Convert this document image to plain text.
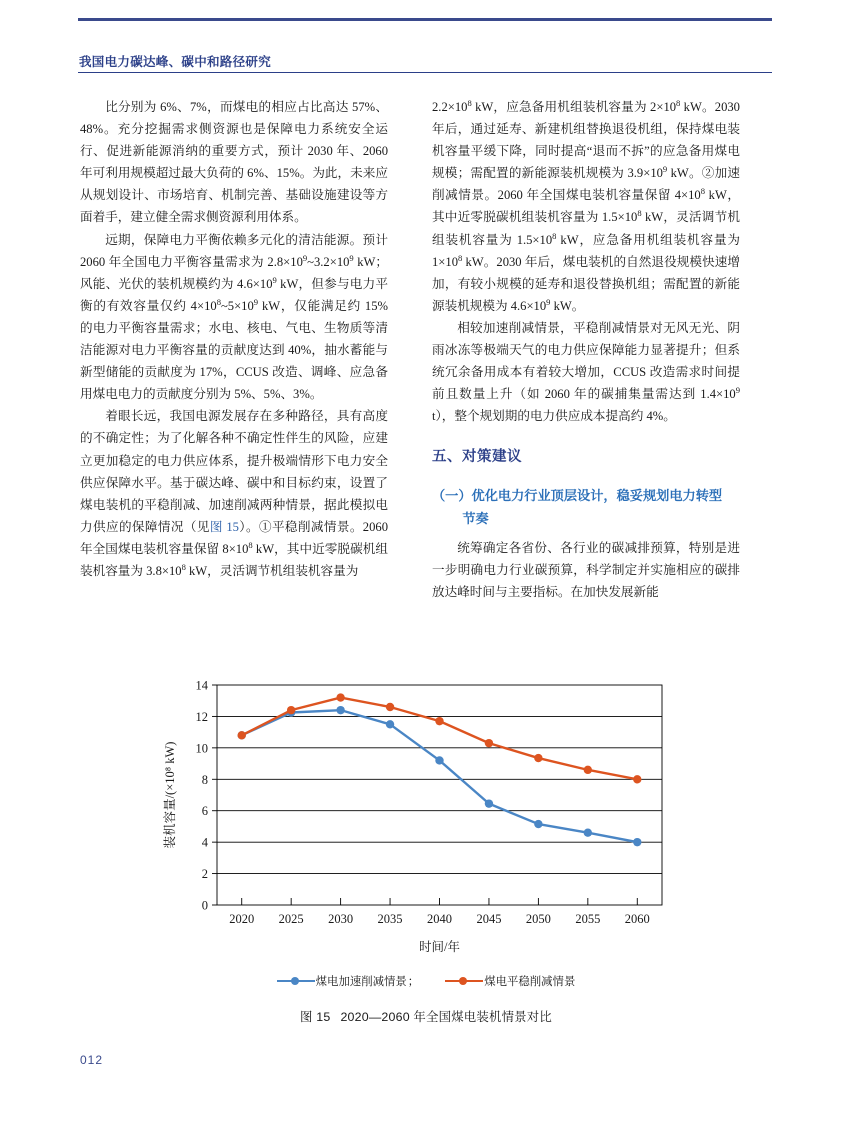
我国电力碳达峰、碳中和路径研究

比分别为 6%、7%，而煤电的相应占比高达 57%、48%。充分挖掘需求侧资源也是保障电力系统安全运行、促进新能源消纳的重要方式，预计 2030 年、2060 年可利用规模超过最大负荷的 6%、15%。为此，未来应从规划设计、市场培育、机制完善、基础设施建设等方面着手，建立健全需求侧资源利用体系。

远期，保障电力平衡依赖多元化的清洁能源。预计 2060 年全国电力平衡容量需求为 $2.8\times 10^9\sim 3.2\times 10^9$ kW；风能、光伏的装机规模约为 $4.6\times 10^9$ kW，但参与电力平衡的有效容量仅约 $4\times 10^8\sim 5\times 10^9$ kW，仅能满足约 15% 的电力平衡容量需求；水电、核电、气电、生物质等清洁能源对电力平衡容量的贡献度达到 40%，抽水蓄能与新型储能的贡献度为 17%，CCUS 改造、调峰、应急备用煤电电力的贡献度分别为 5%、5%、3%。

着眼长远，我国电源发展存在多种路径，具有高度的不确定性；为了化解各种不确定性伴生的风险，应建立更加稳定的电力供应体系，提升极端情形下电力安全供应保障水平。基于碳达峰、碳中和目标约束，设置了煤电装机的平稳削减、加速削减两种情景，据此模拟电力供应的保障情况（见图 15）。①平稳削减情景。2060 年全国煤电装机容量保留 $8\times 10^8$ kW，其中近零脱碳机组装机容量为 $3.8\times 10^8$ kW，灵活调节机组装机容量为

$2.2\times 10^8$ kW，应急备用机组装机容量为 $2\times 10^8$ kW。2030 年后，通过延寿、新建机组替换退役机组，保持煤电装机容量平缓下降，同时提高“退而不拆”的应急备用煤电规模；需配置的新能源装机规模为 $3.9\times 10^9$ kW。②加速削减情景。2060 年全国煤电装机容量保留 $4\times 10^8$ kW，其中近零脱碳机组装机容量为 $1.5\times 10^8$ kW，灵活调节机组装机容量为 $1.5\times 10^8$ kW，应急备用机组装机容量为 $1\times 10^8$ kW。2030 年后，煤电装机的自然退役规模快速增加，有较小规模的延寿和退役替换机组；需配置的新能源装机规模为 $4.6\times 10^9$ kW。

相较加速削减情景，平稳削减情景对无风无光、阴雨冰冻等极端天气的电力供应保障能力显著提升；但系统冗余备用成本有着较大增加，CCUS 改造需求时间提前且数量上升（如 2060 年的碳捕集量需达到 $1.4\times 10^9$ t），整个规划期的电力供应成本提高约 4%。

五、对策建议
（一）优化电力行业顶层设计，稳妥规划电力转型
节奏

统筹确定各省份、各行业的碳减排预算，特别是进一步明确电力行业碳预算，科学制定并实施相应的碳排放达峰时间与主要指标。在加快发展新能

0
2
4
6
8
10
12
14
2020 2025 2030 2035 2040 2045 2050 2055 2060
时间/年
装机容量/(×10⁸ kW)
煤电加速削减情景 ；	煤电平稳削减情景
图 15 2020—2060 年全国煤电装机情景对比
012
